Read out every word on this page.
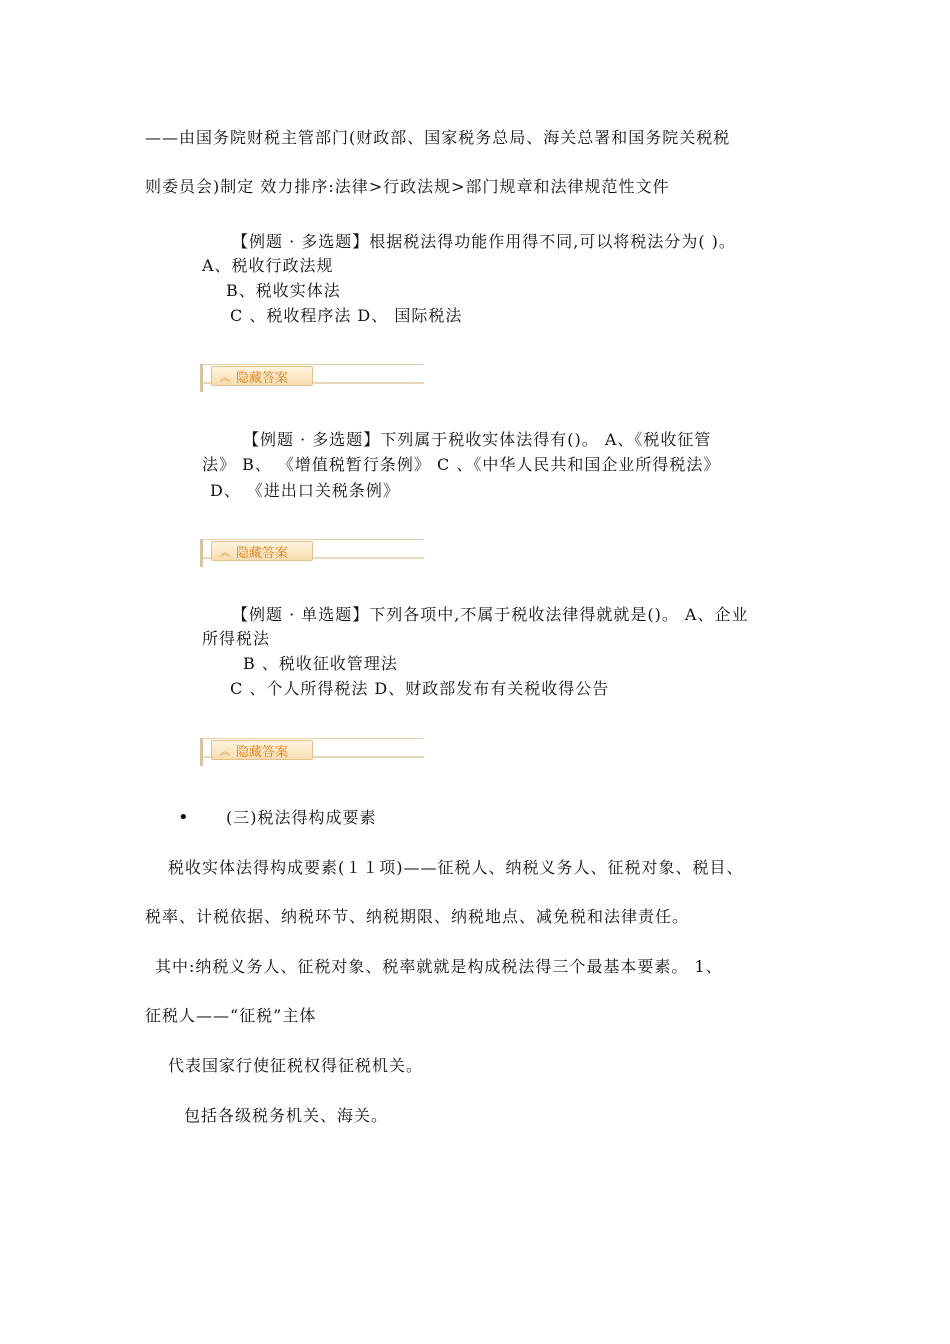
——由国务院财税主管部门(财政部、国家税务总局、海关总署和国务院关税税
则委员会)制定 效力排序:法律>行政法规>部门规章和法律规范性文件
【例题 · 多选题】根据税法得功能作用得不同,可以将税法分为( )。
A、税收行政法规
B、税收实体法
C 、税收程序法 D、 国际税法
︽ 隐藏答案
【例题 · 多选题】下列属于税收实体法得有()。 A、《税收征管
法》 B、 《增值税暂行条例》 C 、《中华人民共和国企业所得税法》
D、 《进出口关税条例》
︽ 隐藏答案
【例题 · 单选题】下列各项中,不属于税收法律得就就是()。 A、企业
所得税法
B 、税收征收管理法
C 、个人所得税法 D、财政部发布有关税收得公告
︽ 隐藏答案
• (三)税法得构成要素
税收实体法得构成要素(１１项)——征税人、纳税义务人、征税对象、税目、
税率、计税依据、纳税环节、纳税期限、纳税地点、减免税和法律责任。
其中:纳税义务人、征税对象、税率就就是构成税法得三个最基本要素。 1、
征税人——“征税”主体
代表国家行使征税权得征税机关。
包括各级税务机关、海关。
